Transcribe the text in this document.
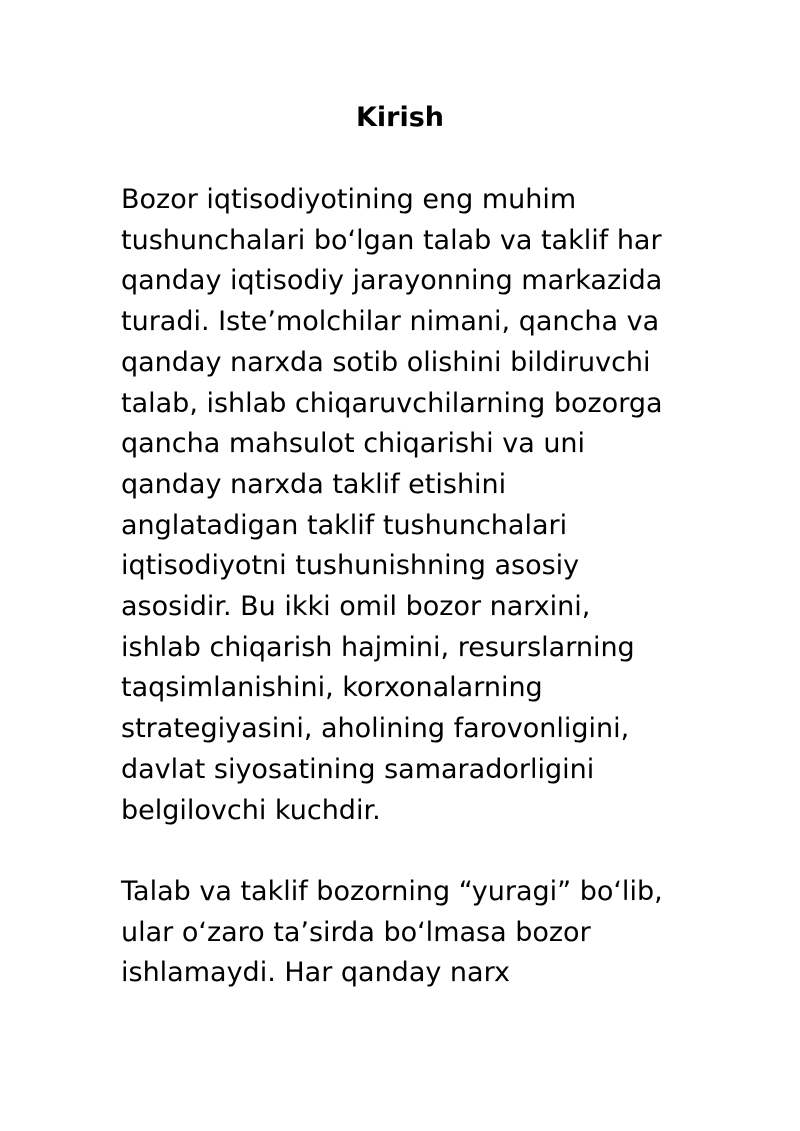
Kirish
Bozor iqtisodiyotining eng muhim
tushunchalari boʻlgan talab va taklif har
qanday iqtisodiy jarayonning markazida
turadi. Isteʼmolchilar nimani, qancha va
qanday narxda sotib olishini bildiruvchi
talab, ishlab chiqaruvchilarning bozorga
qancha mahsulot chiqarishi va uni
qanday narxda taklif etishini
anglatadigan taklif tushunchalari
iqtisodiyotni tushunishning asosiy
asosidir. Bu ikki omil bozor narxini,
ishlab chiqarish hajmini, resurslarning
taqsimlanishini, korxonalarning
strategiyasini, aholining farovonligini,
davlat siyosatining samaradorligini
belgilovchi kuchdir.
Talab va taklif bozorning “yuragi” boʻlib,
ular oʻzaro taʼsirda boʻlmasa bozor
ishlamaydi. Har qanday narx
